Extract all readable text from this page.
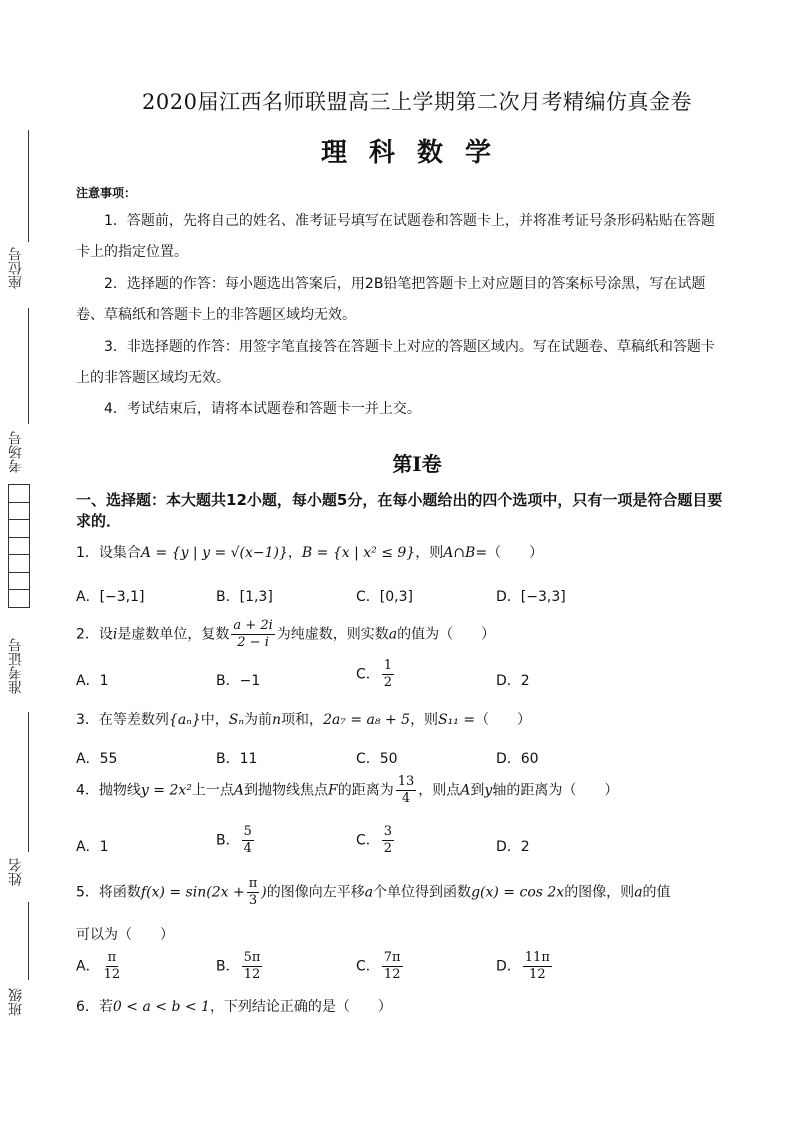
座位号
考场号
准考证号
姓名
班级
2020届江西名师联盟高三上学期第二次月考精编仿真金卷
理科数学
注意事项：
1．答题前，先将自己的姓名、准考证号填写在试题卷和答题卡上，并将准考证号条形码粘贴在答题卡上的指定位置。
2．选择题的作答：每小题选出答案后，用2B铅笔把答题卡上对应题目的答案标号涂黑，写在试题卷、草稿纸和答题卡上的非答题区域均无效。
3．非选择题的作答：用签字笔直接答在答题卡上对应的答题区域内。写在试题卷、草稿纸和答题卡上的非答题区域均无效。
4．考试结束后，请将本试题卷和答题卡一并上交。
第Ⅰ卷
一、选择题：本大题共12小题，每小题5分，在每小题给出的四个选项中，只有一项是符合题目要求的．
1．设集合A = {y | y = √(x−1)}，B = {x | x² ≤ 9}，则A∩B=（　　）
A．[−3,1]	B．[1,3]	C．[0,3]	D．[−3,3]
2．设i是虚数单位，复数 $\frac{a + 2i}{2 - i}$ 为纯虚数，则实数a的值为（　　）
A．1	B．−1	C． $\frac{1}{2}$	D．2
3．在等差数列{aₙ}中，Sₙ为前n项和，2a₇ = a₈ + 5，则S₁₁ =（　　）
A．55	B．11	C．50	D．60
4．抛物线y = 2x²上一点A到抛物线焦点F的距离为 $\frac{13}{4}$ ，则点A到y轴的距离为（　　）
A．1	B． $\frac{5}{4}$	C． $\frac{3}{2}$	D．2
5．将函数$f(x) = \sin(2x + \frac{\pi}{3}$ )的图像向左平移a个单位得到函数g(x) = cos 2x的图像，则a的值
可以为（　　）
A． $\frac{\pi}{12}$	B． $\frac{5\pi}{12}$	C． $\frac{7\pi}{12}$	D． $\frac{11\pi}{12}$
6．若0 < a < b < 1，下列结论正确的是（　　）
